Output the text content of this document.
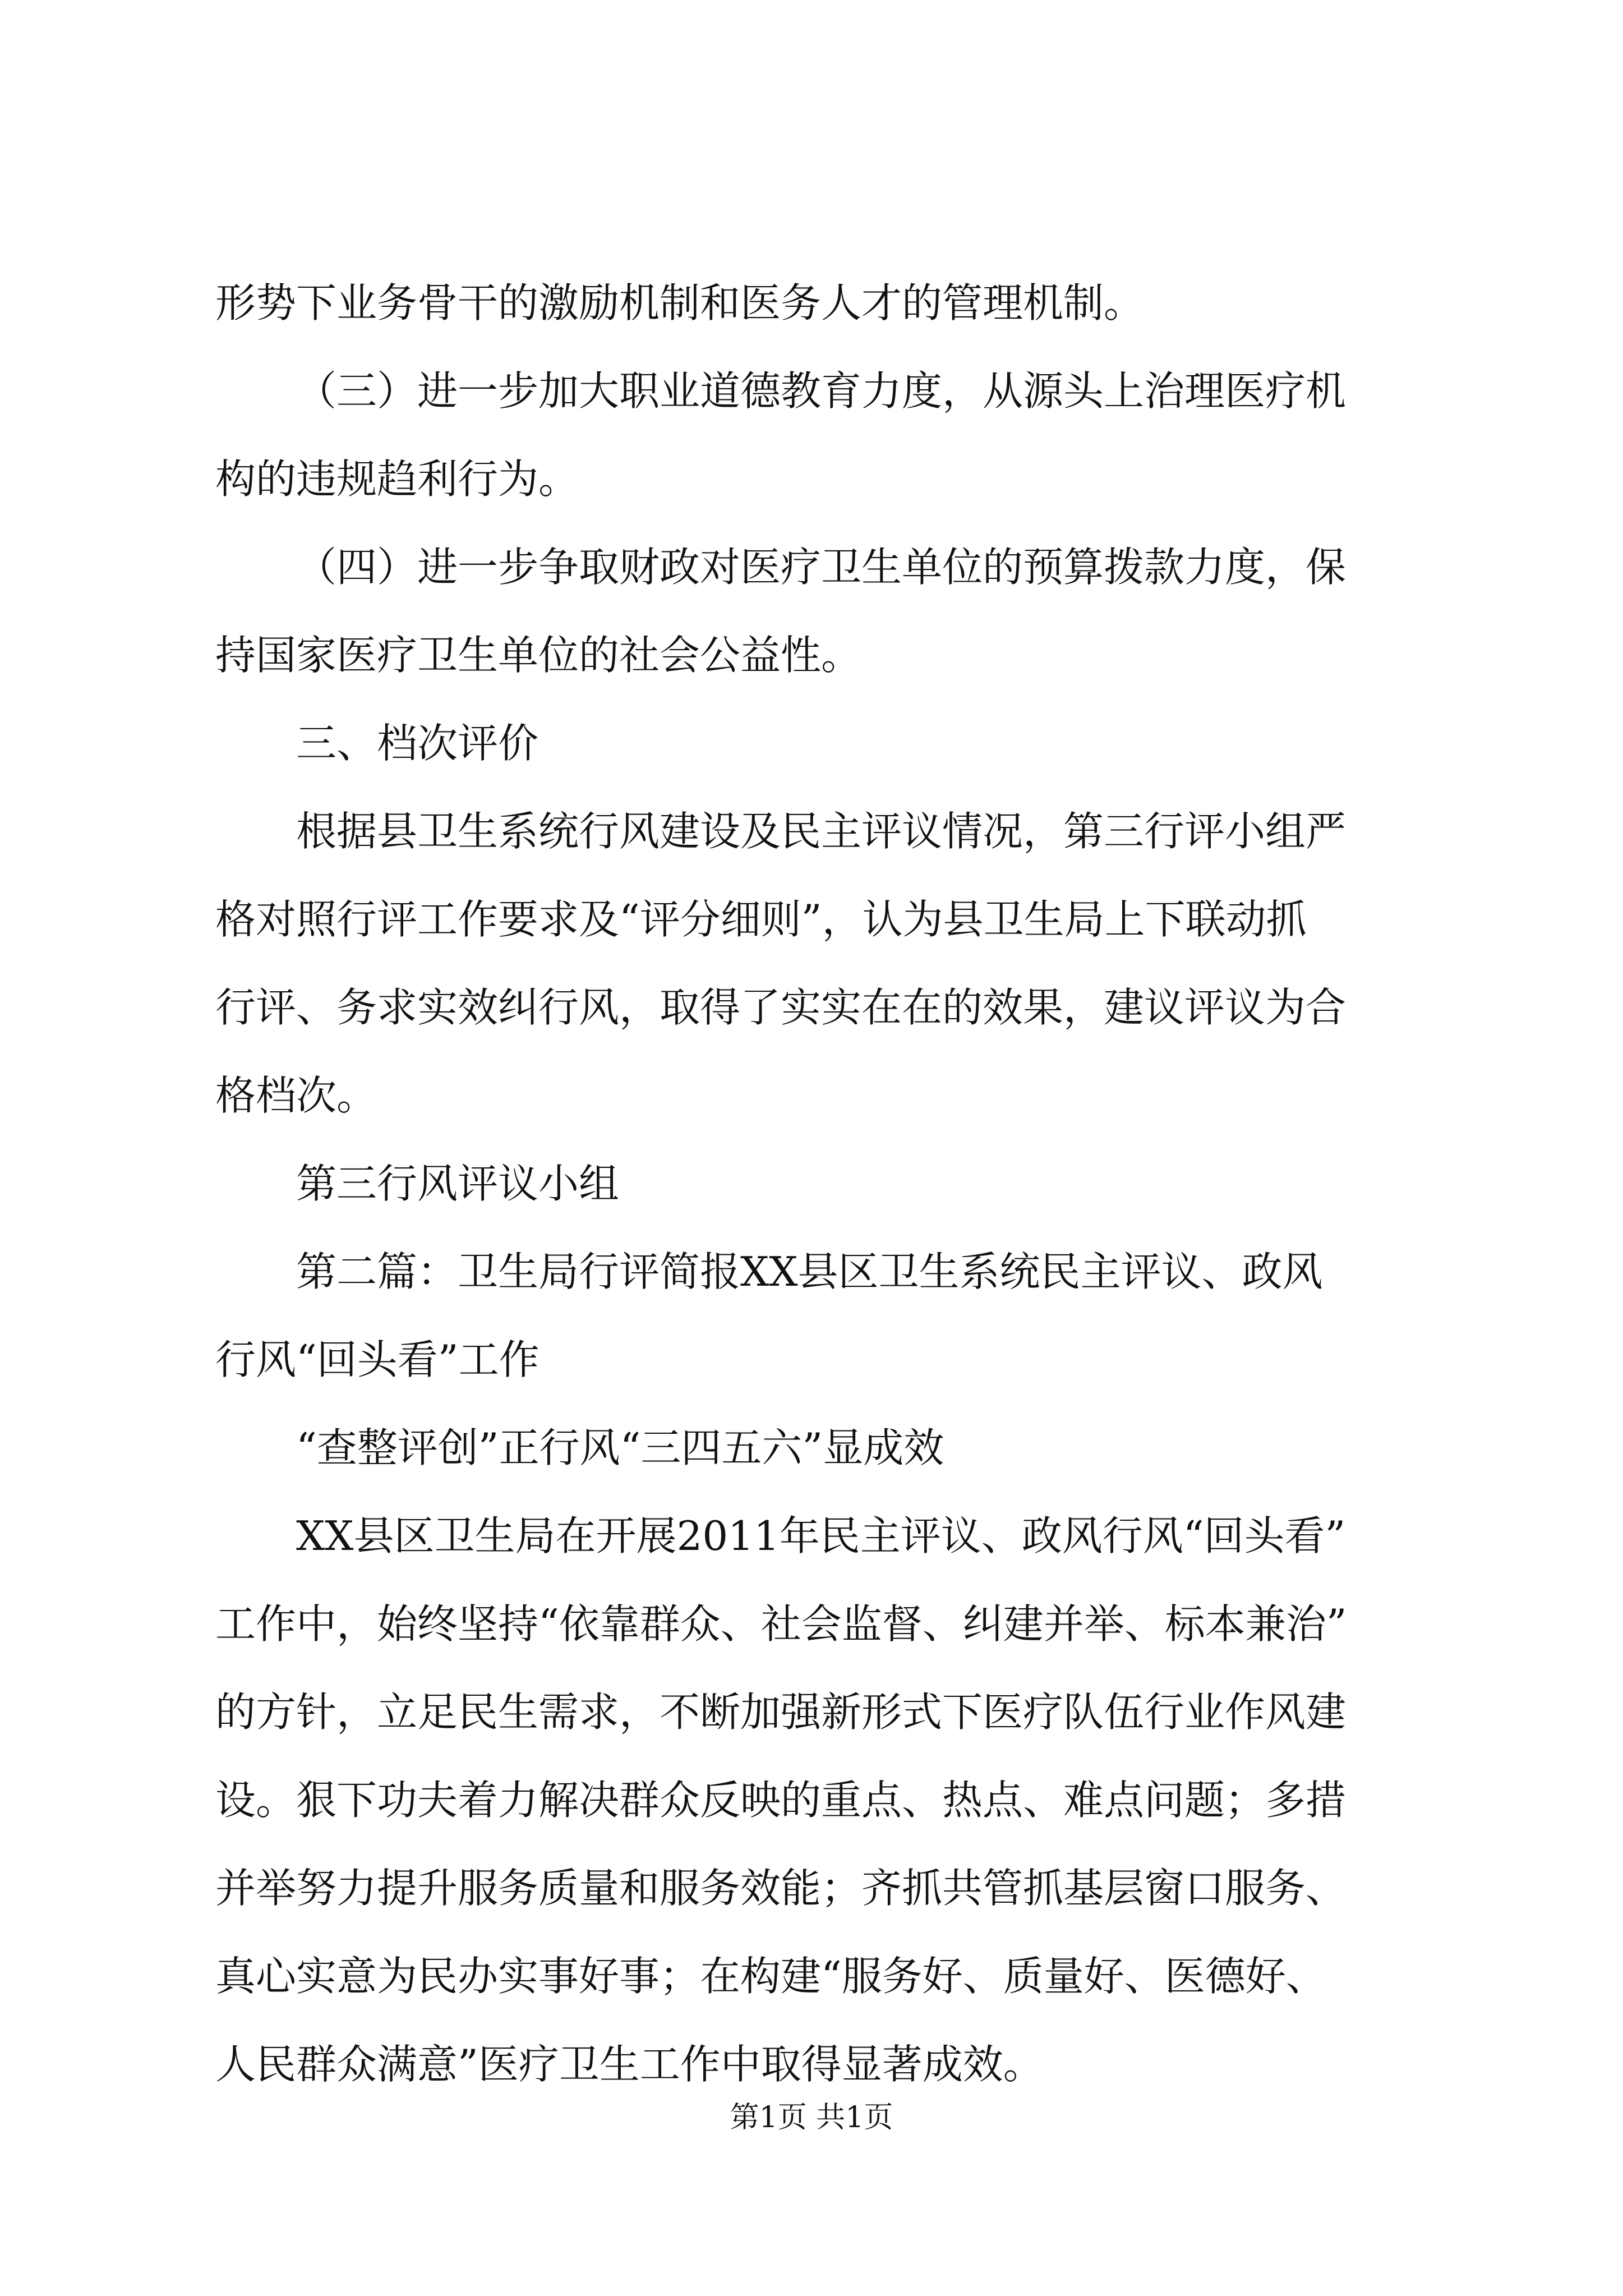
形势下业务骨干的激励机制和医务人才的管理机制。
（三）进一步加大职业道德教育力度，从源头上治理医疗机
构的违规趋利行为。
（四）进一步争取财政对医疗卫生单位的预算拨款力度，保
持国家医疗卫生单位的社会公益性。
三、档次评价
根据县卫生系统行风建设及民主评议情况，第三行评小组严
格对照行评工作要求及“评分细则”，认为县卫生局上下联动抓
行评、务求实效纠行风，取得了实实在在的效果，建议评议为合
格档次。
第三行风评议小组
第二篇：卫生局行评简报XX县区卫生系统民主评议、政风
行风“回头看”工作
“查整评创”正行风“三四五六”显成效
XX县区卫生局在开展2011年民主评议、政风行风“回头看”
工作中，始终坚持“依靠群众、社会监督、纠建并举、标本兼治”
的方针，立足民生需求，不断加强新形式下医疗队伍行业作风建
设。狠下功夫着力解决群众反映的重点、热点、难点问题；多措
并举努力提升服务质量和服务效能；齐抓共管抓基层窗口服务、
真心实意为民办实事好事；在构建“服务好、质量好、医德好、
人民群众满意”医疗卫生工作中取得显著成效。
第1页 共1页
